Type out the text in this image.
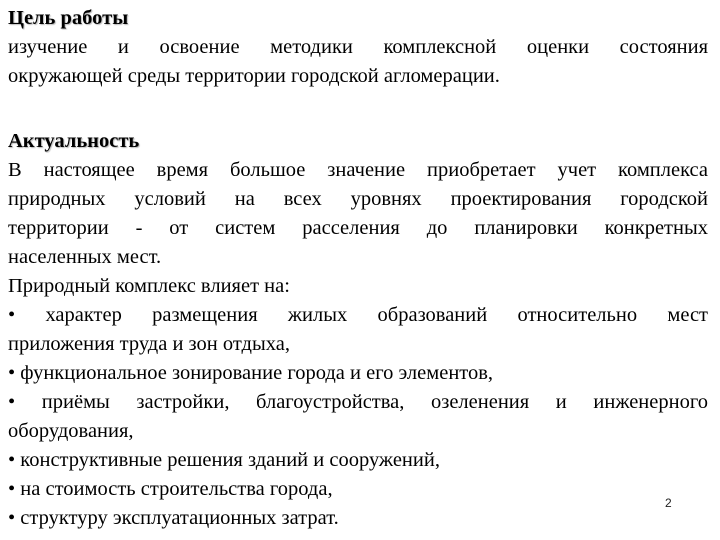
Цель работы

изучение и освоение методики комплексной оценки состояния

окружающей среды территории городской агломерации.

Актуальность

В настоящее время большое значение приобретает учет комплекса

природных условий на всех уровнях проектирования городской

территории - от систем расселения до планировки конкретных

населенных мест.

Природный комплекс влияет на:

• характер размещения жилых образований относительно мест

приложения труда и зон отдыха,

• функциональное зонирование города и его элементов,

• приёмы застройки, благоустройства, озеленения и инженерного

оборудования,

• конструктивные решения зданий и сооружений,

• на стоимость строительства города,

• структуру эксплуатационных затрат.

2
